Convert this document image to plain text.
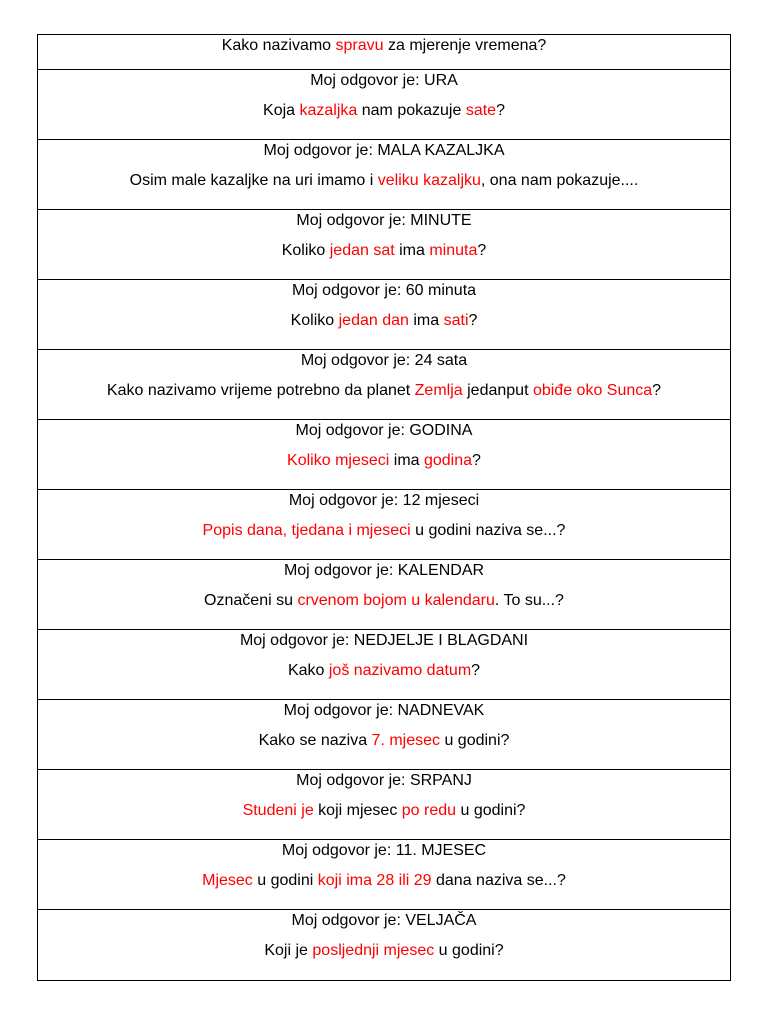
Kako nazivamo spravu za mjerenje vremena?
Moj odgovor je: URA
Koja kazaljka nam pokazuje sate?
Moj odgovor je: MALA KAZALJKA
Osim male kazaljke na uri imamo i veliku kazaljku, ona nam pokazuje....
Moj odgovor je: MINUTE
Koliko jedan sat ima minuta?
Moj odgovor je: 60 minuta
Koliko jedan dan ima sati?
Moj odgovor je: 24 sata
Kako nazivamo vrijeme potrebno da planet Zemlja jedanput obiđe oko Sunca?
Moj odgovor je: GODINA
Koliko mjeseci ima godina?
Moj odgovor je: 12 mjeseci
Popis dana, tjedana i mjeseci u godini naziva se...?
Moj odgovor je: KALENDAR
Označeni su crvenom bojom u kalendaru. To su...?
Moj odgovor je: NEDJELJE I BLAGDANI
Kako još nazivamo datum?
Moj odgovor je: NADNEVAK
Kako se naziva 7. mjesec u godini?
Moj odgovor je: SRPANJ
Studeni je koji mjesec po redu u godini?
Moj odgovor je: 11. MJESEC
Mjesec u godini koji ima 28 ili 29 dana naziva se...?
Moj odgovor je: VELJAČA
Koji je posljednji mjesec u godini?
